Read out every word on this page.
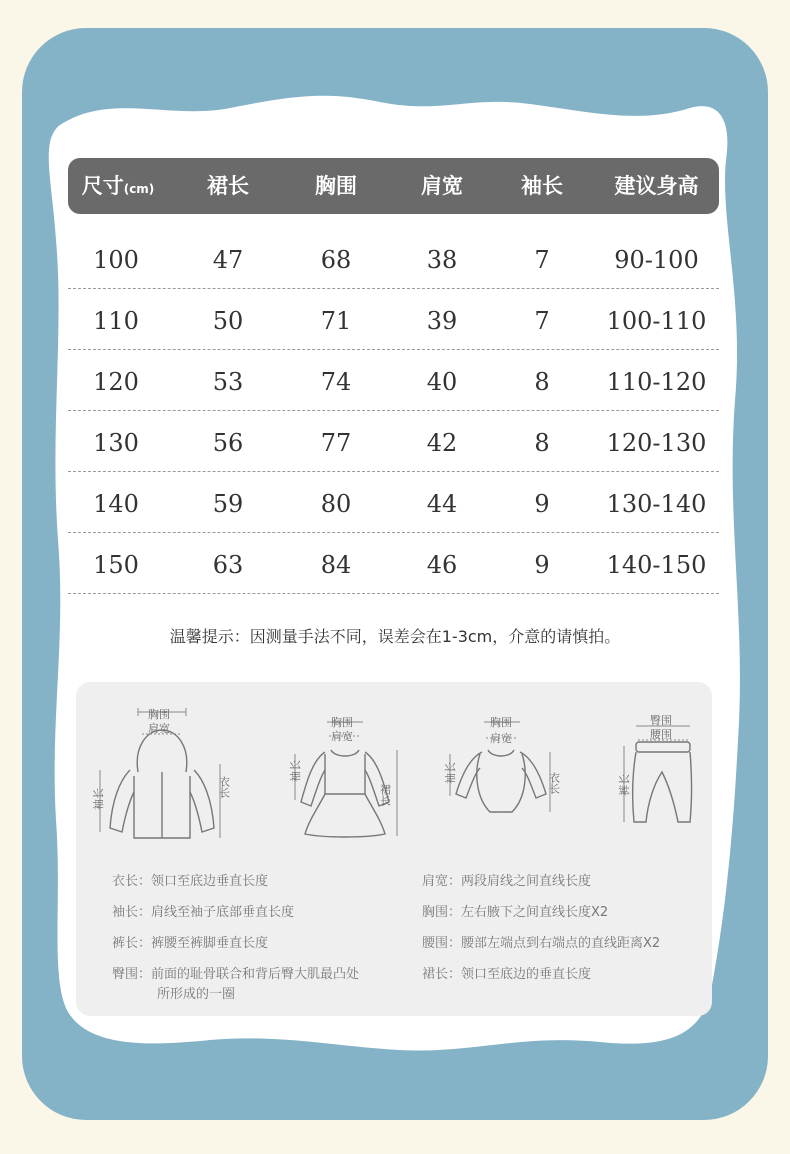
尺寸(cm)	裙长	胸围	肩宽	袖长	建议身高
100	47	68	38	7	90-100
110	50	71	39	7	100-110
120	53	74	40	8	110-120
130	56	77	42	8	120-130
140	59	80	44	9	130-140
150	63	84	46	9	140-150
温馨提示：因测量手法不同，误差会在1-3cm，介意的请慎拍。
胸围
肩宽
袖长
衣长
胸围
肩宽
袖长
裙长
胸围
肩宽
袖长	衣长
臀围
腰围
裤长
衣长：领口至底边垂直长度
袖长：肩线至袖子底部垂直长度
裤长：裤腰至裤脚垂直长度
臀围：前面的耻骨联合和背后臀大肌最凸处
所形成的一圈
肩宽：两段肩线之间直线长度
胸围：左右腋下之间直线长度X2
腰围：腰部左端点到右端点的直线距离X2
裙长：领口至底边的垂直长度
